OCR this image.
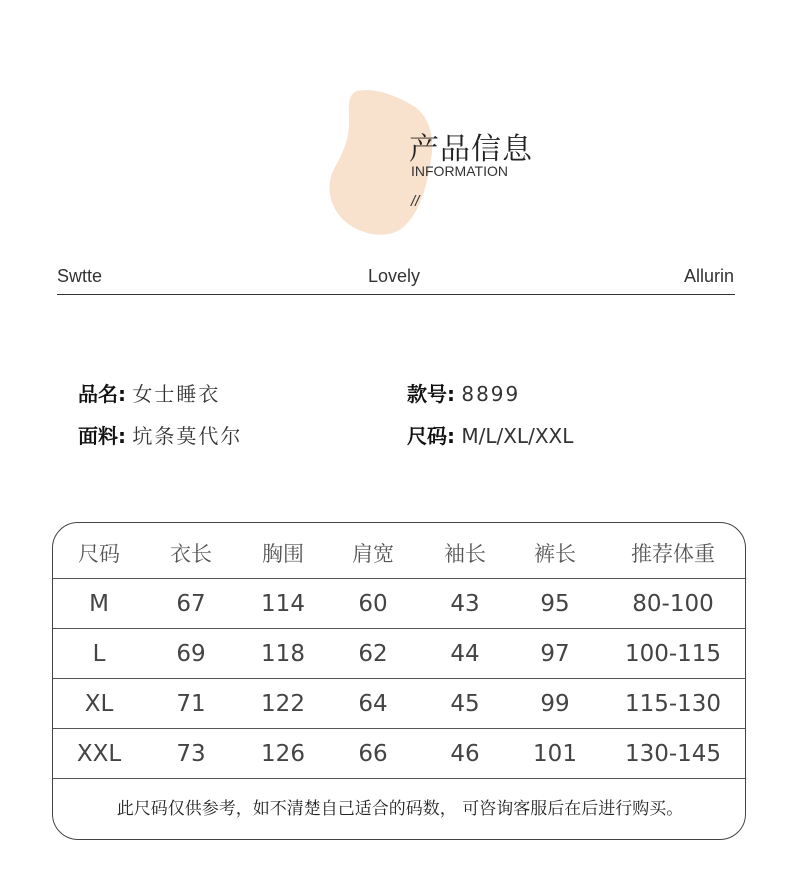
产品信息
INFORMATION
//
Swtte	Lovely	Allurin
品名: 女士睡衣
面料: 坑条莫代尔
款号: 8899
尺码: M/L/XL/XXL
尺码	衣长	胸围	肩宽	袖长	裤长	推荐体重
M	67	114	60	43	95	80-100
L	69	118	62	44	97	100-115
XL	71	122	64	45	99	115-130
XXL	73	126	66	46	101	130-145
此尺码仅供参考，如不清楚自己适合的码数， 可咨询客服后在后进行购买。
